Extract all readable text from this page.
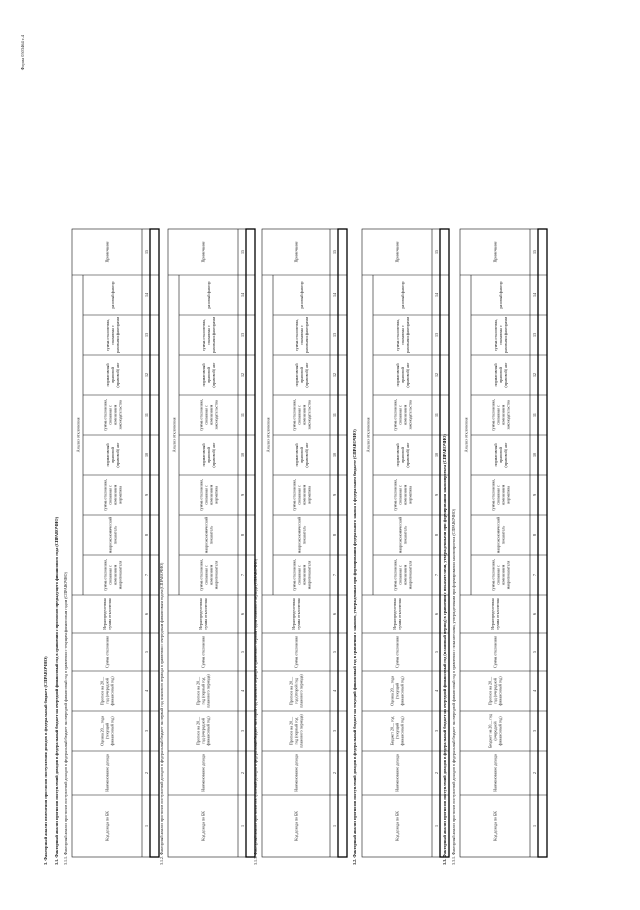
Форма 0503464 с.4
3. Факторный анализ изменения прогнозов поступления доходов в федеральный бюджет (СПРАВОЧНО) 3.1. Факторный анализ прогнозов поступлений доходов в федеральный бюджет на очередной финансовый год в сравнении с прогнозом предыдущего финансового года (СПРАВОЧНО) 3.1.1. Факторный анализ прогнозов поступлений доходов в федеральный бюджет на очередной финансовый год в сравнении с текущим финансовым годом (СПРАВОЧНО)
Анализ отклонения
Код дохода по БК
Наименование дохода
Оценка 20__ года(текущийфинансовый год)
Прогноз на 20__год (очереднойфинансовый год)
Сумма отклонения
Нераспределеннаясумма отклонения
сумма отклонения,связанная сизменениеммакропоказателя
макроэкономическийпоказатель
сумма отклонения,связанная сизменениемнорматива
нормативныйправовой(правовой) акт
сумма отклонения,связанная сизменениемзаконодательства
нормативныйправовой(правовой) акт
сумма отклонения,связанная сразовыми факторами
разовый фактор
Примечание
1
2
3
4
5
6
7
8
9
10
11
12
13
14
15
3.1.2. Факторный анализ прогнозов поступлений доходов в федеральный бюджет на первый год планового периода в сравнении с очередным финансовым годом (СПРАВОЧНО)
Анализ отклонения
Код дохода по БК
Наименование дохода
Прогноз на 20__год (очереднойфинансовый год)
Прогноз на 20__год (первый годпланового периода)
Сумма отклонения
Нераспределеннаясумма отклонения
сумма отклонения,связанная сизменениеммакропоказателя
макроэкономическийпоказатель
сумма отклонения,связанная сизменениемнорматива
нормативныйправовой(правовой) акт
сумма отклонения,связанная сизменениемзаконодательства
нормативныйправовой(правовой) акт
сумма отклонения,связанная сразовыми факторами
разовый фактор
Примечание
1
2
3
4
5
6
7
8
9
10
11
12
13
14
15
3.1.3. Факторный анализ прогнозов поступлений доходов в федеральный бюджет на второй год планового периода в сравнении с первым годом планового периода (СПРАВОЧНО)
Анализ отклонения
Код дохода по БК
Наименование дохода
Прогноз на 20__год (первый годпланового периода)
Прогноз на 20__год (второй годпланового периода)
Сумма отклонения
Нераспределеннаясумма отклонения
сумма отклонения,связанная сизменениеммакропоказателя
макроэкономическийпоказатель
сумма отклонения,связанная сизменениемнорматива
нормативныйправовой(правовой) акт
сумма отклонения,связанная сизменениемзаконодательства
нормативныйправовой(правовой) акт
сумма отклонения,связанная сразовыми факторами
разовый фактор
Примечание
1
2
3
4
5
6
7
8
9
10
11
12
13
14
15
3.2. Факторный анализ прогнозов поступлений доходов в федеральный бюджет на текущий финансовый год в сравнении с законом, утвержденным при формировании федерального закона о федеральном бюджете (СПРАВОЧНО) Анализ отклонения
Код дохода по БК
Наименование дохода
Бюджет 20__ год(текущийфинансовый год)
Оценка 20__ года(текущийфинансовый год)
Сумма отклонения
Нераспределеннаясумма отклонения
сумма отклонения,связанная сизменениеммакропоказателя
макроэкономическийпоказатель
сумма отклонения,связанная сизменениемнорматива
нормативныйправовой(правовой) акт
сумма отклонения,связанная сизменениемзаконодательства
нормативныйправовой(правовой) акт
сумма отклонения,связанная сразовыми факторами
разовый фактор
Примечание
1
2
3
4
5
6
7
8
9
10
11
12
13
14
15
3.3. Факторный анализ прогнозов поступлений доходов в федеральный бюджет на очередной финансовый год (плановый период) в сравнении с показателями, утвержденными при формировании законопроекта (СПРАВОЧНО) 3.3.1. Факторный анализ прогнозов поступлений доходов в федеральный бюджет на очередной финансовый год в сравнении с показателями, утвержденными при формировании законопроекта (СПРАВОЧНО)
Анализ отклонения
Код дохода по БК
Наименование дохода
Бюджет на 20__ год(очереднойфинансовый год)
Прогноз на 20__год (очереднойфинансовый год)
Сумма отклонения
Нераспределеннаясумма отклонения
сумма отклонения,связанная сизменениеммакропоказателя
макроэкономическийпоказатель
сумма отклонения,связанная сизменениемнорматива
нормативныйправовой(правовой) акт
сумма отклонения,связанная сизменениемзаконодательства
нормативныйправовой(правовой) акт
сумма отклонения,связанная сразовыми факторами
разовый фактор
Примечание
1
2
3
4
5
6
7
8
9
10
11
12
13
14
15
